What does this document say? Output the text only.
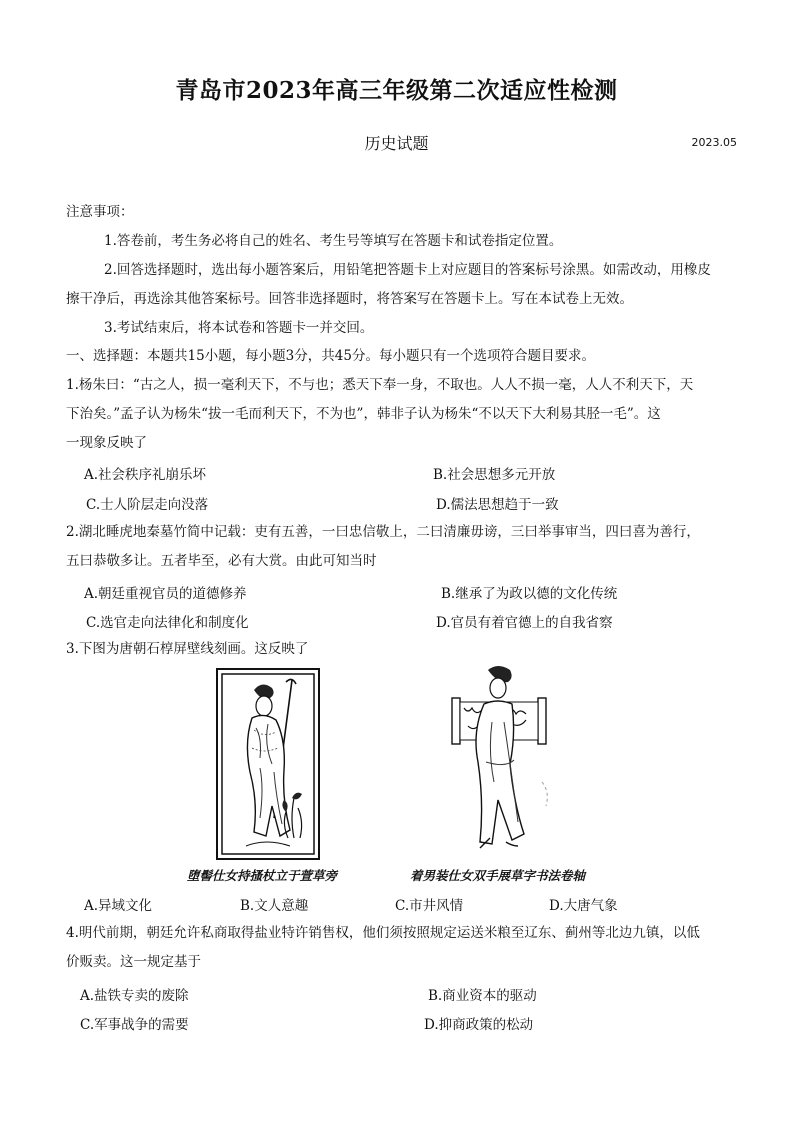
青岛市2023年高三年级第二次适应性检测
历史试题	2023.05
注意事项：
1.答卷前，考生务必将自己的姓名、考生号等填写在答题卡和试卷指定位置。
2.回答选择题时，选出每小题答案后，用铅笔把答题卡上对应题目的答案标号涂黑。如需改动，用橡皮
擦干净后，再选涂其他答案标号。回答非选择题时，将答案写在答题卡上。写在本试卷上无效。
3.考试结束后，将本试卷和答题卡一并交回。
一、选择题：本题共15小题，每小题3分，共45分。每小题只有一个选项符合题目要求。
1.杨朱曰：“古之人，损一毫利天下，不与也；悉天下奉一身，不取也。人人不损一毫，人人不利天下，天
下治矣。”孟子认为杨朱“拔一毛而利天下，不为也”，韩非子认为杨朱“不以天下大利易其胫一毛”。这
一现象反映了
A.社会秩序礼崩乐坏	B.社会思想多元开放
C.士人阶层走向没落	D.儒法思想趋于一致
2.湖北睡虎地秦墓竹简中记载：吏有五善，一曰忠信敬上，二曰清廉毋谤，三曰举事审当，四曰喜为善行，
五曰恭敬多让。五者毕至，必有大赏。由此可知当时
A.朝廷重视官员的道德修养	B.继承了为政以德的文化传统
C.选官走向法律化和制度化	D.官员有着官德上的自我省察
3.下图为唐朝石椁屏壁线刻画。这反映了
堕髻仕女持搔杖立于萱草旁	着男装仕女双手展草字书法卷轴
A.异域文化	B.文人意趣	C.市井风情	D.大唐气象
4.明代前期，朝廷允许私商取得盐业特许销售权，他们须按照规定运送米粮至辽东、蓟州等北边九镇，以低
价贩卖。这一规定基于
A.盐铁专卖的废除	B.商业资本的驱动
C.军事战争的需要	D.抑商政策的松动
